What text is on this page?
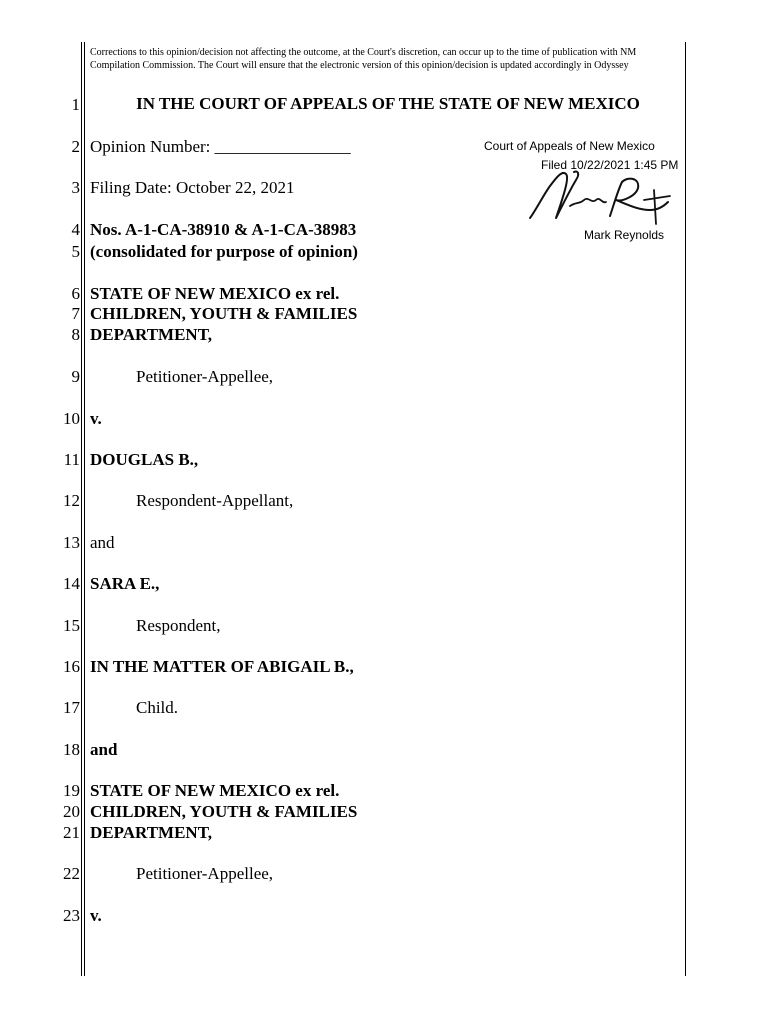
Corrections to this opinion/decision not affecting the outcome, at the Court's discretion, can occur up to the time of publication with NM Compilation Commission. The Court will ensure that the electronic version of this opinion/decision is updated accordingly in Odyssey
1
2
3
4
5
6
7
8
9
10
11
12
13
14
15
16
17
18
19
20
21
22
23
IN THE COURT OF APPEALS OF THE STATE OF NEW MEXICO
Opinion Number: ________________
Filing Date: October 22, 2021
Nos. A-1-CA-38910 & A-1-CA-38983
(consolidated for purpose of opinion)
Court of Appeals of New Mexico
Filed 10/22/2021 1:45 PM
Mark Reynolds
STATE OF NEW MEXICO ex rel.
CHILDREN, YOUTH & FAMILIES
DEPARTMENT,
Petitioner-Appellee,
v.
DOUGLAS B.,
Respondent-Appellant,
and
SARA E.,
Respondent,
IN THE MATTER OF ABIGAIL B.,
Child.
and
STATE OF NEW MEXICO ex rel.
CHILDREN, YOUTH & FAMILIES
DEPARTMENT,
Petitioner-Appellee,
v.
